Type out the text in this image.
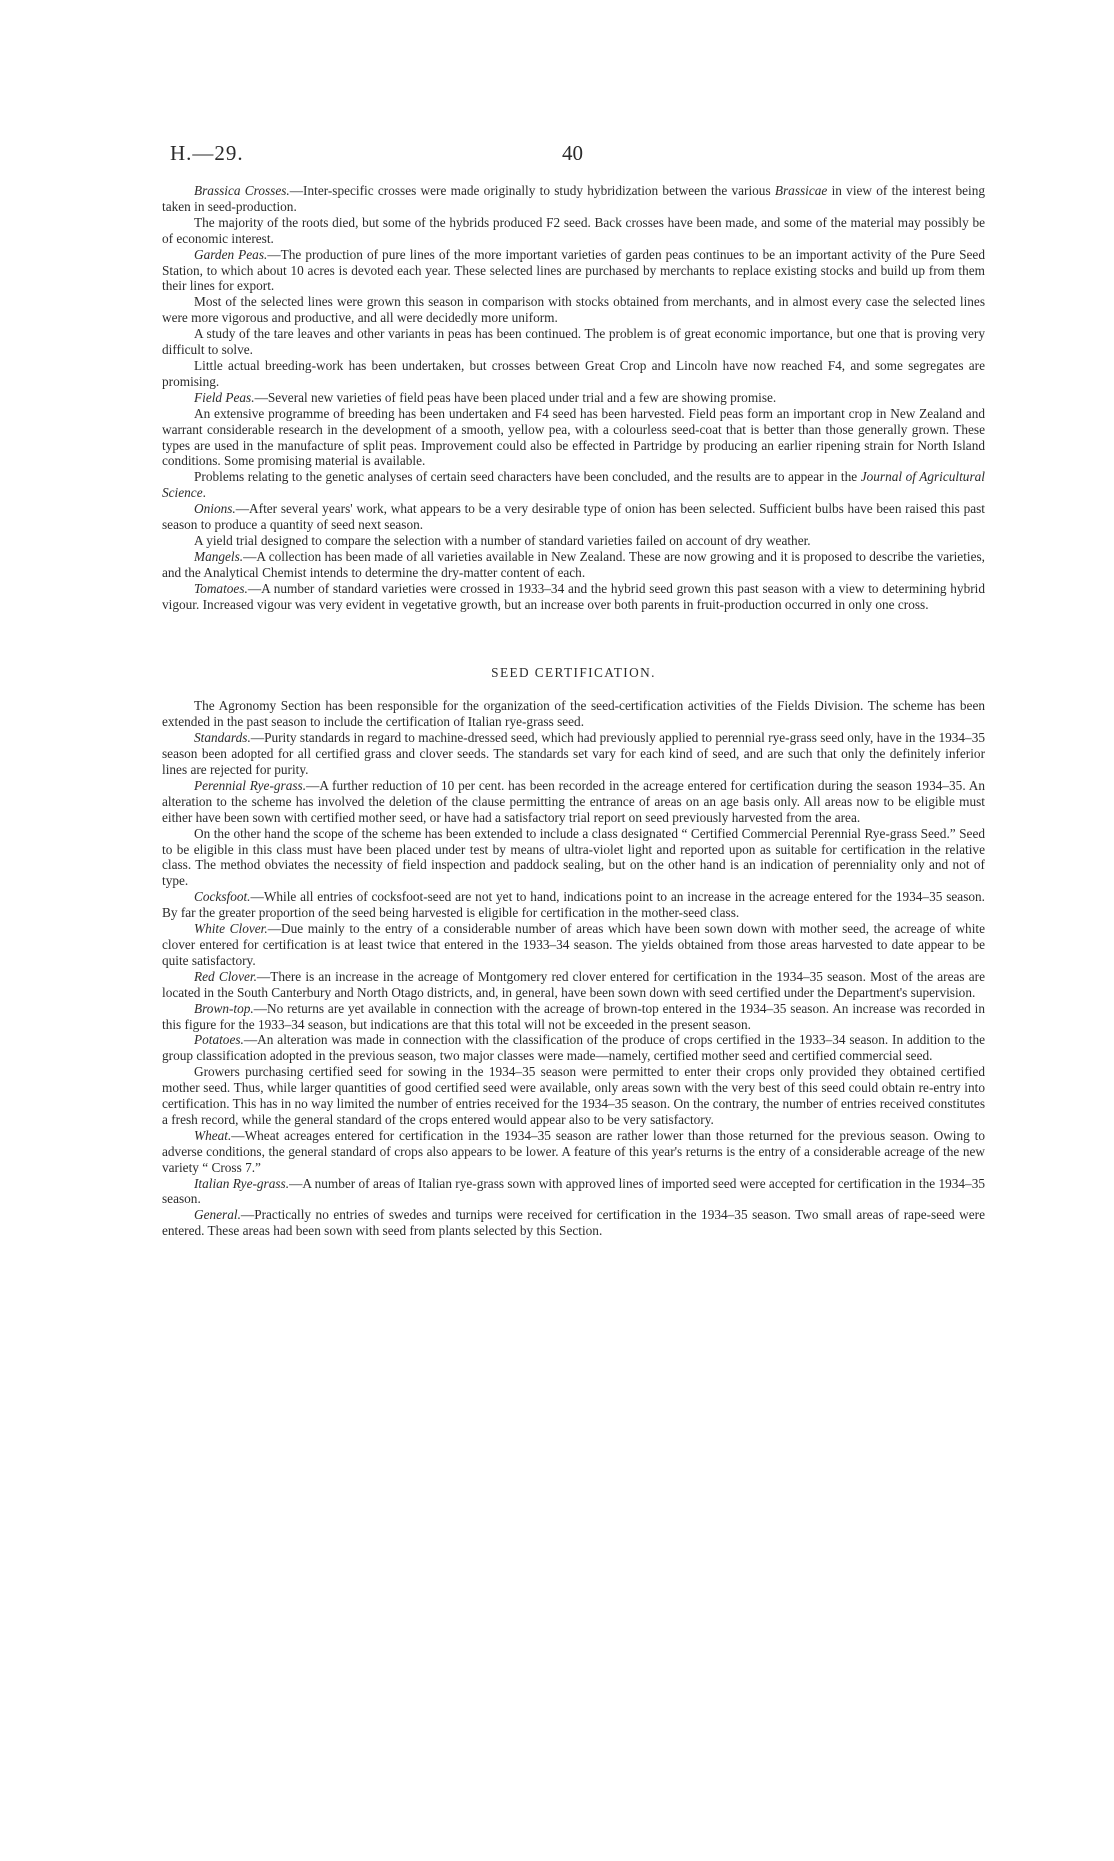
H.—29.	40

Brassica Crosses.—Inter-specific crosses were made originally to study hybridization between the various Brassicae in view of the interest being taken in seed-production.

The majority of the roots died, but some of the hybrids produced F2 seed. Back crosses have been made, and some of the material may possibly be of economic interest.

Garden Peas.—The production of pure lines of the more important varieties of garden peas continues to be an important activity of the Pure Seed Station, to which about 10 acres is devoted each year. These selected lines are purchased by merchants to replace existing stocks and build up from them their lines for export.

Most of the selected lines were grown this season in comparison with stocks obtained from merchants, and in almost every case the selected lines were more vigorous and productive, and all were decidedly more uniform.

A study of the tare leaves and other variants in peas has been continued. The problem is of great economic importance, but one that is proving very difficult to solve.

Little actual breeding-work has been undertaken, but crosses between Great Crop and Lincoln have now reached F4, and some segregates are promising.

Field Peas.—Several new varieties of field peas have been placed under trial and a few are showing promise.

An extensive programme of breeding has been undertaken and F4 seed has been harvested. Field peas form an important crop in New Zealand and warrant considerable research in the development of a smooth, yellow pea, with a colourless seed-coat that is better than those generally grown. These types are used in the manufacture of split peas. Improvement could also be effected in Partridge by producing an earlier ripening strain for North Island conditions. Some promising material is available.

Problems relating to the genetic analyses of certain seed characters have been concluded, and the results are to appear in the Journal of Agricultural Science.

Onions.—After several years' work, what appears to be a very desirable type of onion has been selected. Sufficient bulbs have been raised this past season to produce a quantity of seed next season.

A yield trial designed to compare the selection with a number of standard varieties failed on account of dry weather.

Mangels.—A collection has been made of all varieties available in New Zealand. These are now growing and it is proposed to describe the varieties, and the Analytical Chemist intends to determine the dry-matter content of each.

Tomatoes.—A number of standard varieties were crossed in 1933–34 and the hybrid seed grown this past season with a view to determining hybrid vigour. Increased vigour was very evident in vegetative growth, but an increase over both parents in fruit-production occurred in only one cross.

SEED CERTIFICATION.

The Agronomy Section has been responsible for the organization of the seed-certification activities of the Fields Division. The scheme has been extended in the past season to include the certification of Italian rye-grass seed.

Standards.—Purity standards in regard to machine-dressed seed, which had previously applied to perennial rye-grass seed only, have in the 1934–35 season been adopted for all certified grass and clover seeds. The standards set vary for each kind of seed, and are such that only the definitely inferior lines are rejected for purity.

Perennial Rye-grass.—A further reduction of 10 per cent. has been recorded in the acreage entered for certification during the season 1934–35. An alteration to the scheme has involved the deletion of the clause permitting the entrance of areas on an age basis only. All areas now to be eligible must either have been sown with certified mother seed, or have had a satisfactory trial report on seed previously harvested from the area.

On the other hand the scope of the scheme has been extended to include a class designated “ Certified Commercial Perennial Rye-grass Seed.” Seed to be eligible in this class must have been placed under test by means of ultra-violet light and reported upon as suitable for certification in the relative class. The method obviates the necessity of field inspection and paddock sealing, but on the other hand is an indication of perenniality only and not of type.

Cocksfoot.—While all entries of cocksfoot-seed are not yet to hand, indications point to an increase in the acreage entered for the 1934–35 season. By far the greater proportion of the seed being harvested is eligible for certification in the mother-seed class.

White Clover.—Due mainly to the entry of a considerable number of areas which have been sown down with mother seed, the acreage of white clover entered for certification is at least twice that entered in the 1933–34 season. The yields obtained from those areas harvested to date appear to be quite satisfactory.

Red Clover.—There is an increase in the acreage of Montgomery red clover entered for certification in the 1934–35 season. Most of the areas are located in the South Canterbury and North Otago districts, and, in general, have been sown down with seed certified under the Department's supervision.

Brown-top.—No returns are yet available in connection with the acreage of brown-top entered in the 1934–35 season. An increase was recorded in this figure for the 1933–34 season, but indications are that this total will not be exceeded in the present season.

Potatoes.—An alteration was made in connection with the classification of the produce of crops certified in the 1933–34 season. In addition to the group classification adopted in the previous season, two major classes were made—namely, certified mother seed and certified commercial seed.

Growers purchasing certified seed for sowing in the 1934–35 season were permitted to enter their crops only provided they obtained certified mother seed. Thus, while larger quantities of good certified seed were available, only areas sown with the very best of this seed could obtain re-entry into certification. This has in no way limited the number of entries received for the 1934–35 season. On the contrary, the number of entries received constitutes a fresh record, while the general standard of the crops entered would appear also to be very satisfactory.

Wheat.—Wheat acreages entered for certification in the 1934–35 season are rather lower than those returned for the previous season. Owing to adverse conditions, the general standard of crops also appears to be lower. A feature of this year's returns is the entry of a considerable acreage of the new variety “ Cross 7.”

Italian Rye-grass.—A number of areas of Italian rye-grass sown with approved lines of imported seed were accepted for certification in the 1934–35 season.

General.—Practically no entries of swedes and turnips were received for certification in the 1934–35 season. Two small areas of rape-seed were entered. These areas had been sown with seed from plants selected by this Section.
